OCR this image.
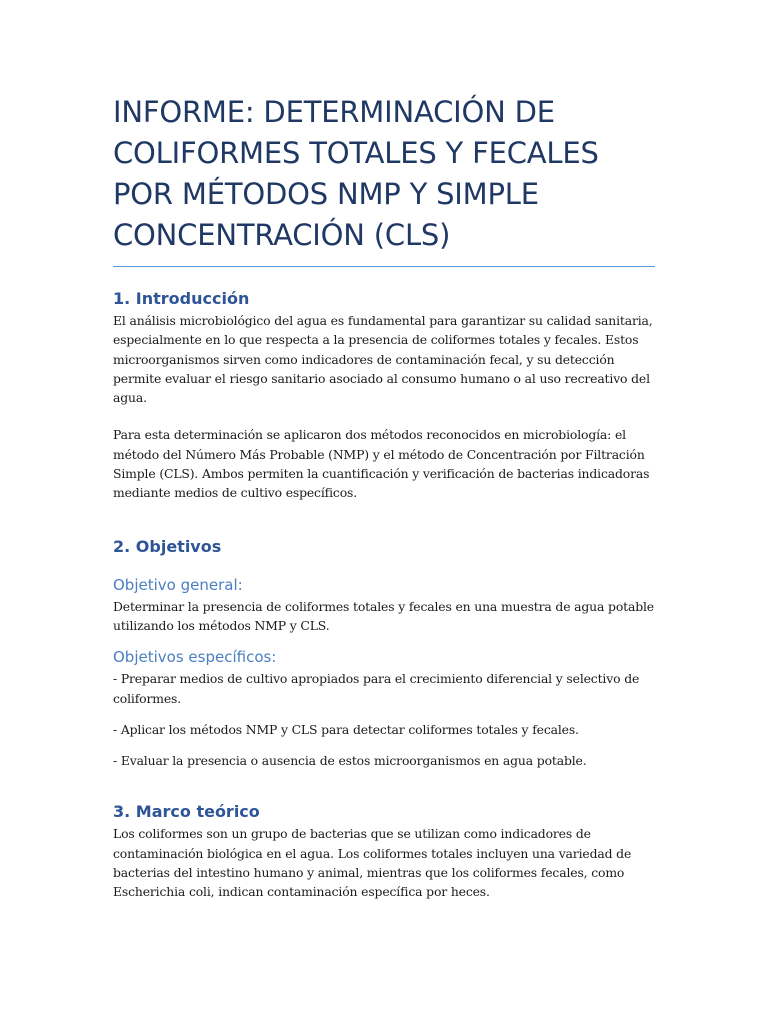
INFORME: DETERMINACIÓN DE COLIFORMES TOTALES Y FECALES POR MÉTODOS NMP Y SIMPLE CONCENTRACIÓN (CLS)
1. Introducción

El análisis microbiológico del agua es fundamental para garantizar su calidad sanitaria, especialmente en lo que respecta a la presencia de coliformes totales y fecales. Estos microorganismos sirven como indicadores de contaminación fecal, y su detección permite evaluar el riesgo sanitario asociado al consumo humano o al uso recreativo del agua.

Para esta determinación se aplicaron dos métodos reconocidos en microbiología: el método del Número Más Probable (NMP) y el método de Concentración por Filtración Simple (CLS). Ambos permiten la cuantificación y verificación de bacterias indicadoras mediante medios de cultivo específicos.

2. Objetivos
Objetivo general:

Determinar la presencia de coliformes totales y fecales en una muestra de agua potable utilizando los métodos NMP y CLS.

Objetivos específicos:

- Preparar medios de cultivo apropiados para el crecimiento diferencial y selectivo de coliformes.

- Aplicar los métodos NMP y CLS para detectar coliformes totales y fecales.

- Evaluar la presencia o ausencia de estos microorganismos en agua potable.

3. Marco teórico

Los coliformes son un grupo de bacterias que se utilizan como indicadores de contaminación biológica en el agua. Los coliformes totales incluyen una variedad de bacterias del intestino humano y animal, mientras que los coliformes fecales, como Escherichia coli, indican contaminación específica por heces.
